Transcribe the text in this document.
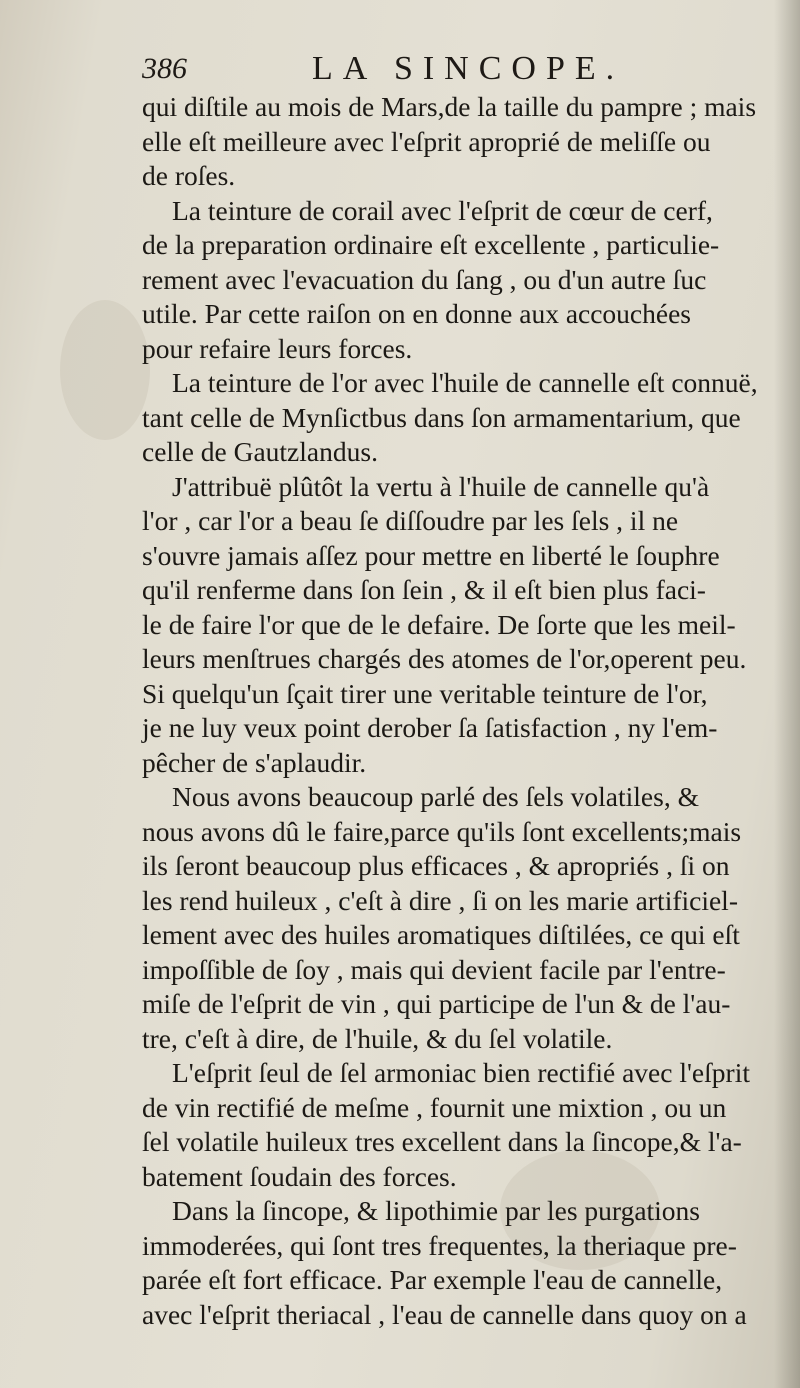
386	LA SINCOPE.
qui diſtile au mois de Mars,de la taille du pampre ; mais
elle eſt meilleure avec l'eſprit aproprié de meliſſe ou
de roſes.
La teinture de corail avec l'eſprit de cœur de cerf,
de la preparation ordinaire eſt excellente , particulie-
rement avec l'evacuation du ſang , ou d'un autre ſuc
utile. Par cette raiſon on en donne aux accouchées
pour refaire leurs forces.
La teinture de l'or avec l'huile de cannelle eſt connuë,
tant celle de Mynſictbus dans ſon armamentarium, que
celle de Gautzlandus.
J'attribuë plûtôt la vertu à l'huile de cannelle qu'à
l'or , car l'or a beau ſe diſſoudre par les ſels , il ne
s'ouvre jamais aſſez pour mettre en liberté le ſouphre
qu'il renferme dans ſon ſein , & il eſt bien plus faci-
le de faire l'or que de le defaire. De ſorte que les meil-
leurs menſtrues chargés des atomes de l'or,operent peu.
Si quelqu'un ſçait tirer une veritable teinture de l'or,
je ne luy veux point derober ſa ſatisfaction , ny l'em-
pêcher de s'aplaudir.
Nous avons beaucoup parlé des ſels volatiles, &
nous avons dû le faire,parce qu'ils ſont excellents;mais
ils ſeront beaucoup plus efficaces , & apropriés , ſi on
les rend huileux , c'eſt à dire , ſi on les marie artificiel-
lement avec des huiles aromatiques diſtilées, ce qui eſt
impoſſible de ſoy , mais qui devient facile par l'entre-
miſe de l'eſprit de vin , qui participe de l'un & de l'au-
tre, c'eſt à dire, de l'huile, & du ſel volatile.
L'eſprit ſeul de ſel armoniac bien rectifié avec l'eſprit
de vin rectifié de meſme , fournit une mixtion , ou un
ſel volatile huileux tres excellent dans la ſincope,& l'a-
batement ſoudain des forces.
Dans la ſincope, & lipothimie par les purgations
immoderées, qui ſont tres frequentes, la theriaque pre-
parée eſt fort efficace. Par exemple l'eau de cannelle,
avec l'eſprit theriacal , l'eau de cannelle dans quoy on a
